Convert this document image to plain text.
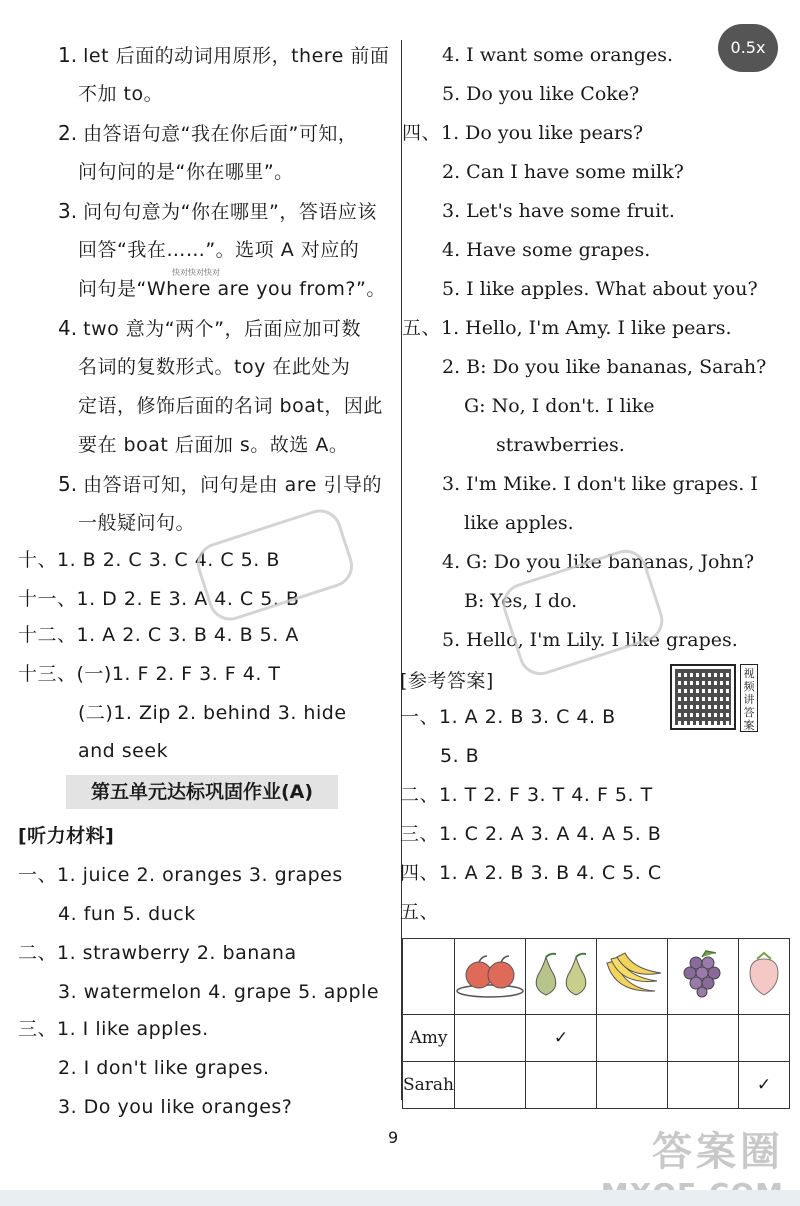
0.5x
1. let 后面的动词用原形，there 前面
不加 to。
2. 由答语句意“我在你后面”可知，
问句问的是“你在哪里”。
3. 问句句意为“你在哪里”，答语应该
回答“我在……”。选项 A 对应的
问句是“Where are you from?”。
4. two 意为“两个”，后面应加可数
名词的复数形式。toy 在此处为
定语，修饰后面的名词 boat，因此
要在 boat 后面加 s。故选 A。
5. 由答语可知，问句是由 are 引导的
一般疑问句。
快对快对快对
十、1. B 2. C 3. C 4. C 5. B
十一、1. D 2. E 3. A 4. C 5. B
十二、1. A 2. C 3. B 4. B 5. A
十三、(一)1. F 2. F 3. F 4. T
(二)1. Zip 2. behind 3. hide
and seek
第五单元达标巩固作业(A)
[听力材料]
一、1. juice 2. oranges 3. grapes
4. fun 5. duck
二、1. strawberry 2. banana
3. watermelon 4. grape 5. apple
三、1. I like apples.
2. I don't like grapes.
3. Do you like oranges?
4. I want some oranges.
5. Do you like Coke?
四、1. Do you like pears?
2. Can I have some milk?
3. Let's have some fruit.
4. Have some grapes.
5. I like apples. What about you?
五、1. Hello, I'm Amy. I like pears.
2. B: Do you like bananas, Sarah?
G: No, I don't. I like
strawberries.
3. I'm Mike. I don't like grapes. I
like apples.
4. G: Do you like bananas, John?
B: Yes, I do.
5. Hello, I'm Lily. I like grapes.
[参考答案]	视频讲答案
一、1. A 2. B 3. C 4. B
5. B
二、1. T 2. F 3. T 4. F 5. T
三、1. C 2. A 3. A 4. A 5. B
四、1. A 2. B 3. B 4. C 5. C
五、

Amy		✓			
Sarah					✓
9	答案圈
